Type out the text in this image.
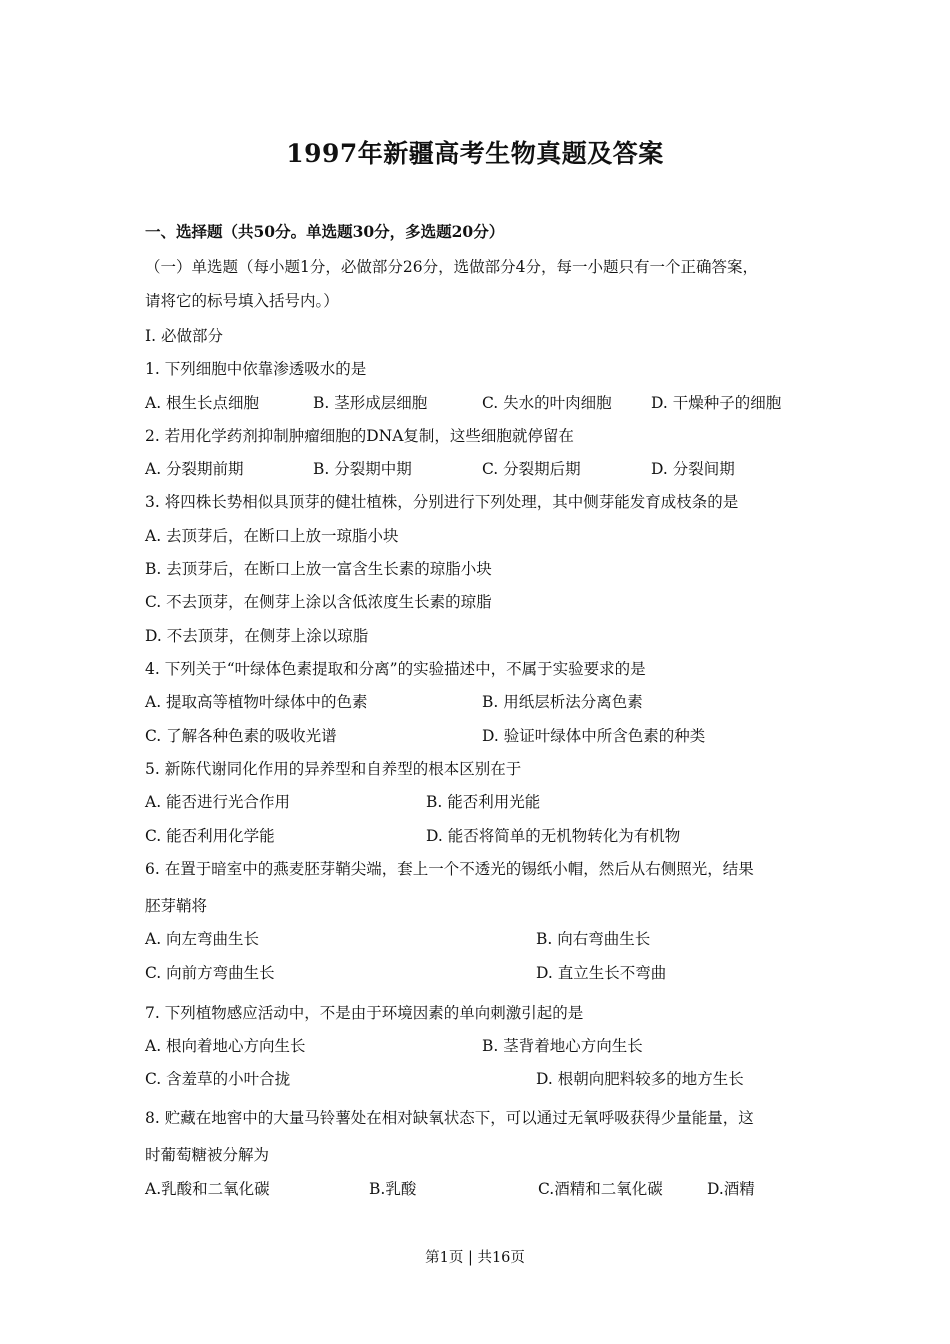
1997年新疆高考生物真题及答案
一、选择题（共50分。单选题30分，多选题20分）
（一）单选题（每小题1分，必做部分26分，选做部分4分，每一小题只有一个正确答案，
请将它的标号填入括号内。）
I. 必做部分
1. 下列细胞中依靠渗透吸水的是
A. 根生长点细胞	B. 茎形成层细胞	C. 失水的叶肉细胞	D. 干燥种子的细胞
2. 若用化学药剂抑制肿瘤细胞的DNA复制，这些细胞就停留在
A. 分裂期前期	B. 分裂期中期	C. 分裂期后期	D. 分裂间期
3. 将四株长势相似具顶芽的健壮植株，分别进行下列处理，其中侧芽能发育成枝条的是
A. 去顶芽后，在断口上放一琼脂小块
B. 去顶芽后，在断口上放一富含生长素的琼脂小块
C. 不去顶芽，在侧芽上涂以含低浓度生长素的琼脂
D. 不去顶芽，在侧芽上涂以琼脂
4. 下列关于“叶绿体色素提取和分离”的实验描述中，不属于实验要求的是
A. 提取高等植物叶绿体中的色素	B. 用纸层析法分离色素
C. 了解各种色素的吸收光谱	D. 验证叶绿体中所含色素的种类
5. 新陈代谢同化作用的异养型和自养型的根本区别在于
A. 能否进行光合作用	B. 能否利用光能
C. 能否利用化学能	D. 能否将简单的无机物转化为有机物
6. 在置于暗室中的燕麦胚芽鞘尖端，套上一个不透光的锡纸小帽，然后从右侧照光，结果
胚芽鞘将
A. 向左弯曲生长	B. 向右弯曲生长
C. 向前方弯曲生长	D. 直立生长不弯曲
7. 下列植物感应活动中，不是由于环境因素的单向刺激引起的是
A. 根向着地心方向生长	B. 茎背着地心方向生长
C. 含羞草的小叶合拢	D. 根朝向肥料较多的地方生长
8. 贮藏在地窖中的大量马铃薯处在相对缺氧状态下，可以通过无氧呼吸获得少量能量，这
时葡萄糖被分解为
A.乳酸和二氧化碳	B.乳酸	C.酒精和二氧化碳	D.酒精
第1页 | 共16页
